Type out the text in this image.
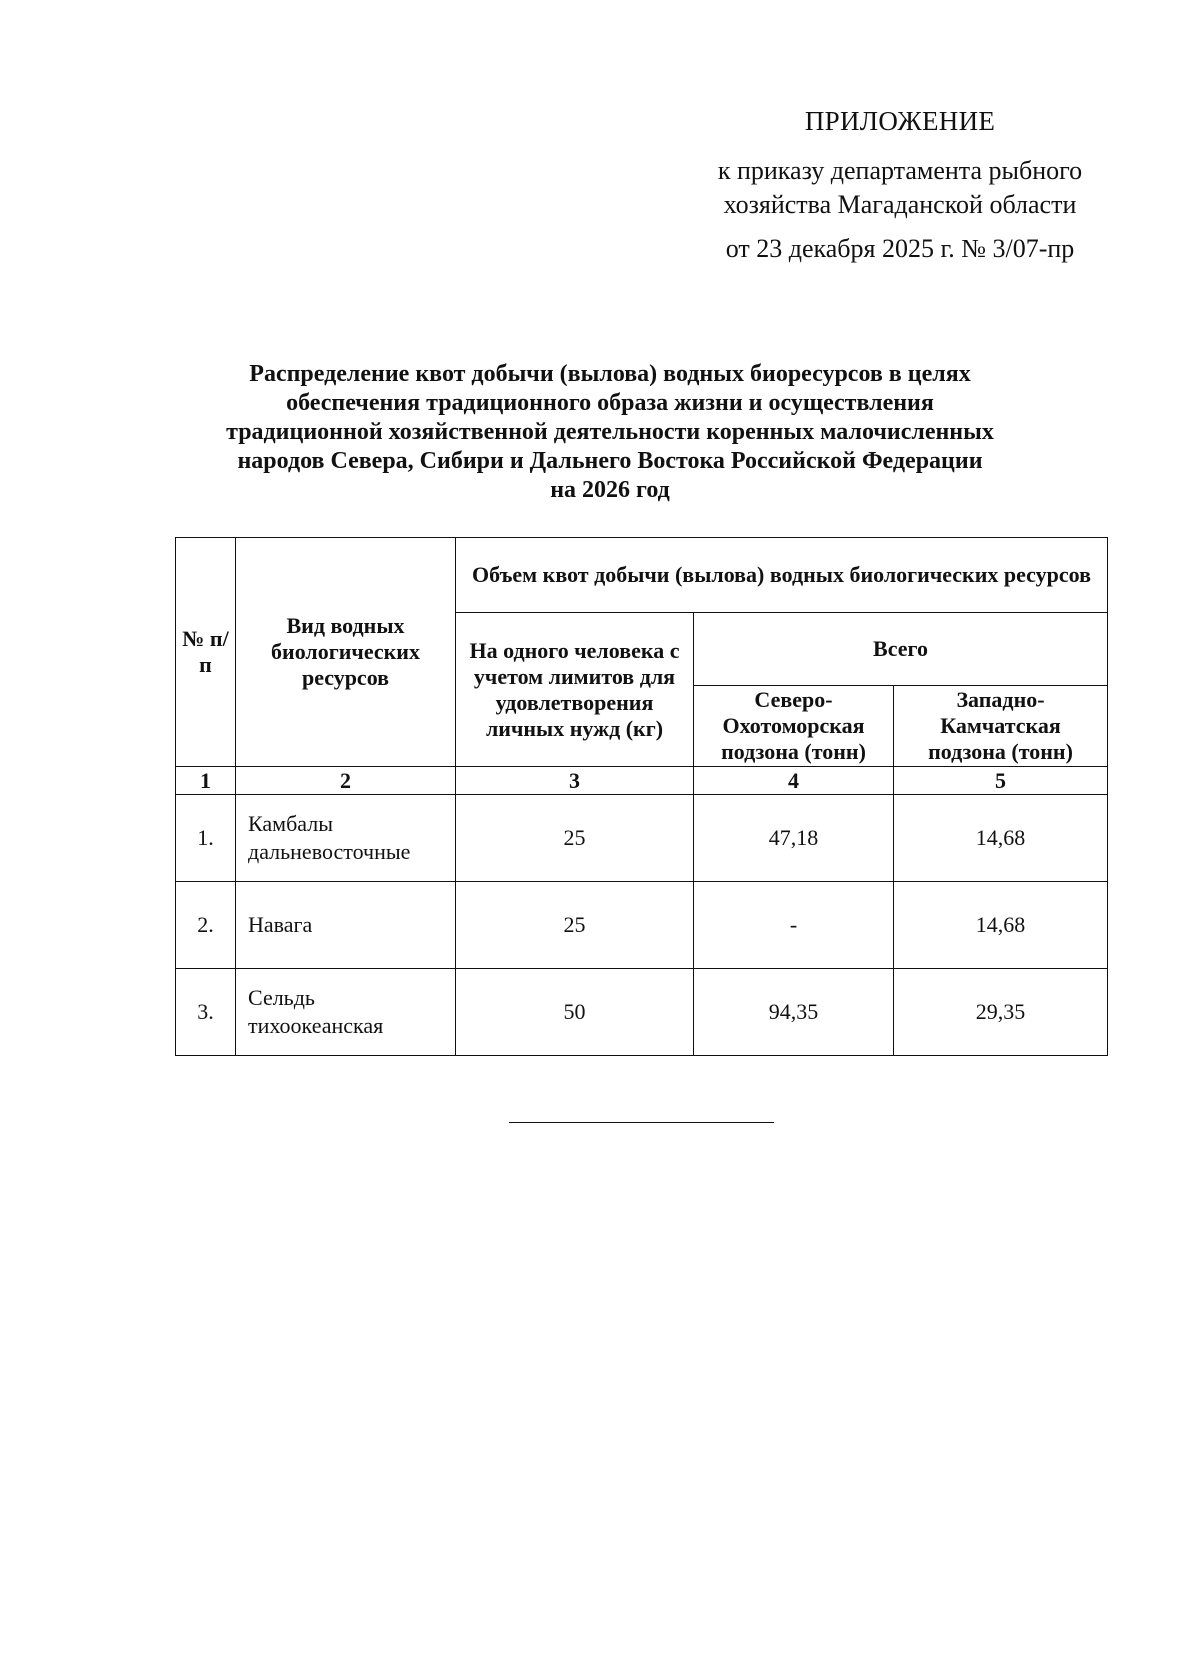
ПРИЛОЖЕНИЕ
к приказу департамента рыбного
хозяйства Магаданской области
от 23 декабря 2025 г. № 3/07-пр
Распределение квот добычи (вылова) водных биоресурсов в целях
обеспечения традиционного образа жизни и осуществления
традиционной хозяйственной деятельности коренных малочисленных
народов Севера, Сибири и Дальнего Востока Российской Федерации
на 2026 год
№ п/п	Вид водных биологических ресурсов	Объем квот добычи (вылова) водных биологических ресурсов		
		На одного человека с учетом лимитов для удовлетворения личных нужд (кг)	Всего	
			Северо-Охотоморская подзона (тонн)	Западно-Камчатская подзона (тонн)
1	2	3	4	5
1.	Камбалы дальневосточные	25	47,18	14,68
2.	Навага	25	-	14,68
3.	Сельдь тихоокеанская	50	94,35	29,35
